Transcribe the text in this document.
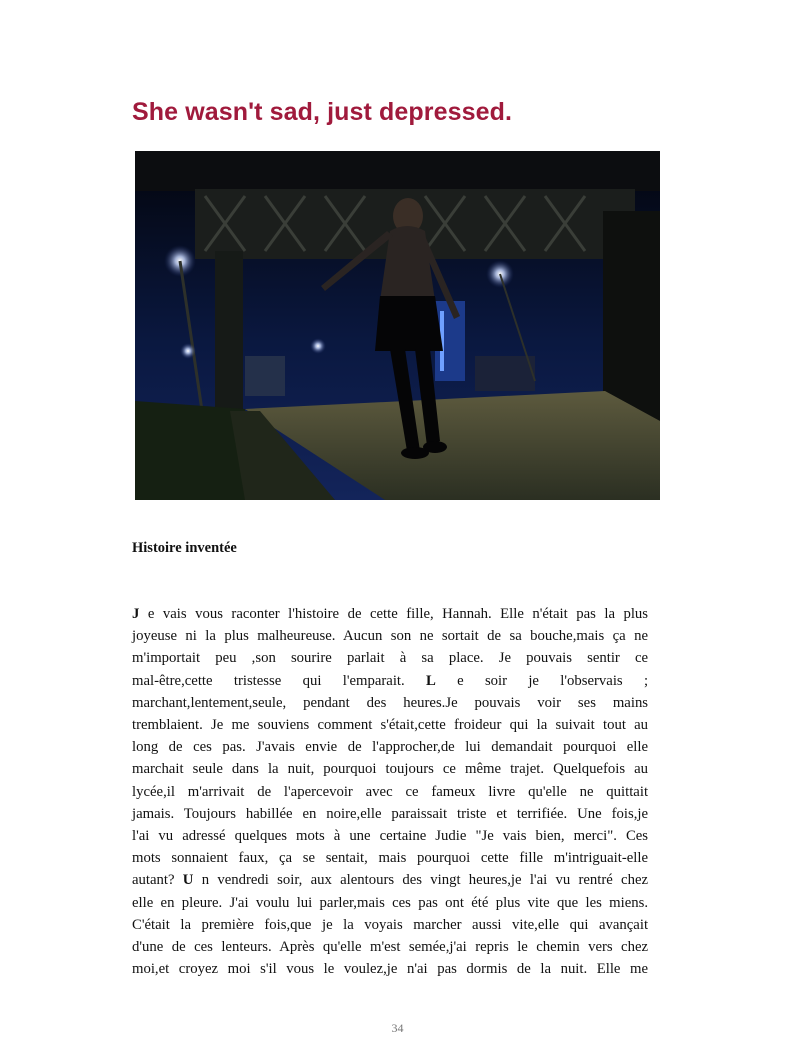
She wasn't sad, just depressed.
Histoire inventée
J e vais vous raconter l'histoire de cette fille, Hannah. Elle n'était pas la plus
joyeuse ni la plus malheureuse. Aucun son ne sortait de sa bouche,mais ça ne
m'importait peu ,son sourire parlait à sa place. Je pouvais sentir ce
mal-être,cette tristesse qui l'emparait. L e soir je l'observais ;
marchant,lentement,seule, pendant des heures.Je pouvais voir ses mains
tremblaient. Je me souviens comment s'était,cette froideur qui la suivait tout au
long de ces pas. J'avais envie de l'approcher,de lui demandait pourquoi elle
marchait seule dans la nuit, pourquoi toujours ce même trajet. Quelquefois au
lycée,il m'arrivait de l'apercevoir avec ce fameux livre qu'elle ne quittait
jamais. Toujours habillée en noire,elle paraissait triste et terrifiée. Une fois,je
l'ai vu adressé quelques mots à une certaine Judie "Je vais bien, merci". Ces
mots sonnaient faux, ça se sentait, mais pourquoi cette fille m'intriguait-elle
autant? U n vendredi soir, aux alentours des vingt heures,je l'ai vu rentré chez
elle en pleure. J'ai voulu lui parler,mais ces pas ont été plus vite que les miens.
C'était la première fois,que je la voyais marcher aussi vite,elle qui avançait
d'une de ces lenteurs. Après qu'elle m'est semée,j'ai repris le chemin vers chez
moi,et croyez moi s'il vous le voulez,je n'ai pas dormis de la nuit. Elle me
34
